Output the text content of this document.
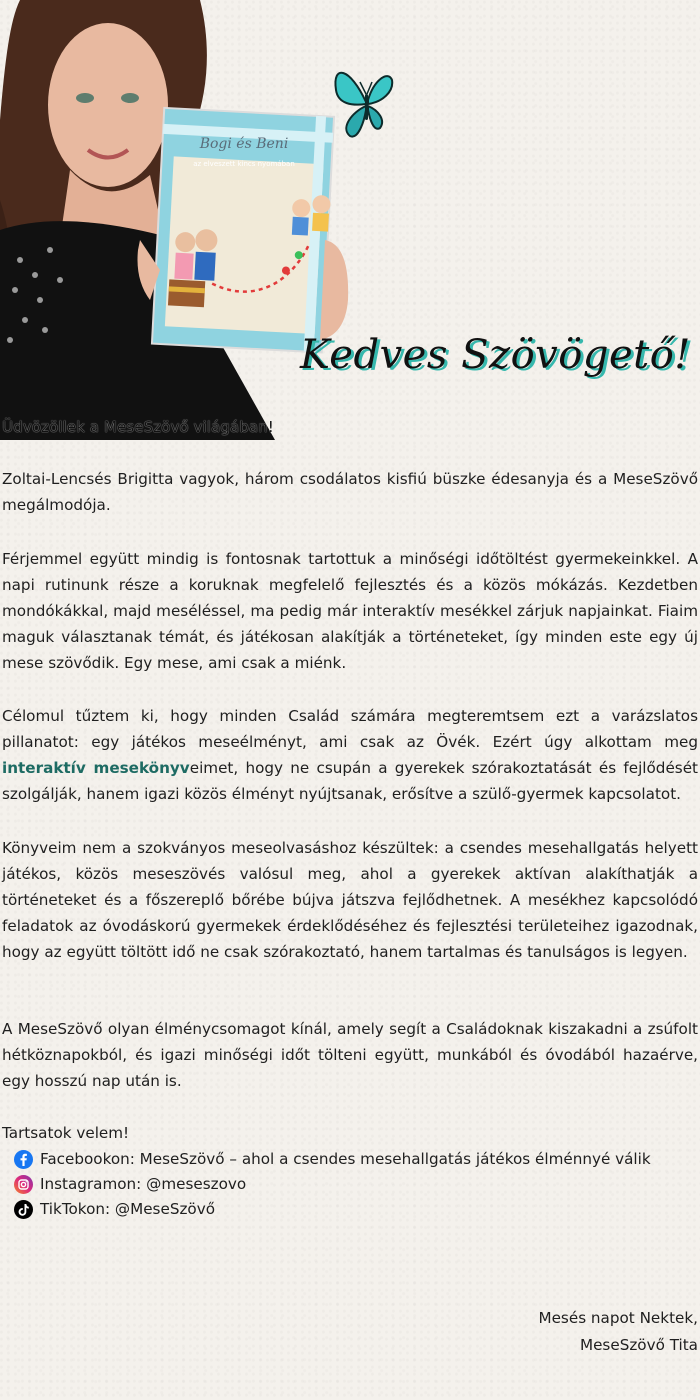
Bogi és Beni
az elveszett kincs nyomában
Kedves Szövögető!
Üdvözöllek a MeseSzövő világában!
Zoltai-Lencsés Brigitta vagyok, három csodálatos kisfiú büszke édesanyja és a MeseSzövő megálmodója.
Férjemmel együtt mindig is fontosnak tartottuk a minőségi időtöltést gyermekeinkkel. A napi rutinunk része a koruknak megfelelő fejlesztés és a közös mókázás. Kezdetben mondókákkal, majd meséléssel, ma pedig már interaktív mesékkel zárjuk napjainkat. Fiaim maguk választanak témát, és játékosan alakítják a történeteket, így minden este egy új mese szövődik. Egy mese, ami csak a miénk.
Célomul tűztem ki, hogy minden Család számára megteremtsem ezt a varázslatos pillanatot: egy játékos meseélményt, ami csak az Övék. Ezért úgy alkottam meg interaktív mesekönyveimet, hogy ne csupán a gyerekek szórakoztatását és fejlődését szolgálják, hanem igazi közös élményt nyújtsanak, erősítve a szülő-gyermek kapcsolatot.
Könyveim nem a szokványos meseolvasáshoz készültek: a csendes mesehallgatás helyett játékos, közös meseszövés valósul meg, ahol a gyerekek aktívan alakíthatják a történeteket és a főszereplő bőrébe bújva játszva fejlődhetnek. A mesékhez kapcsolódó feladatok az óvodáskorú gyermekek érdeklődéséhez és fejlesztési területeihez igazodnak, hogy az együtt töltött idő ne csak szórakoztató, hanem tartalmas és tanulságos is legyen.
A MeseSzövő olyan élménycsomagot kínál, amely segít a Családoknak kiszakadni a zsúfolt hétköznapokból, és igazi minőségi időt tölteni együtt, munkából és óvodából hazaérve, egy hosszú nap után is.
Tartsatok velem!
Facebookon: MeseSzövő – ahol a csendes mesehallgatás játékos élménnyé válik
Instagramon: @meseszovo
TikTokon: @MeseSzövő
Mesés napot Nektek,
MeseSzövő Tita
